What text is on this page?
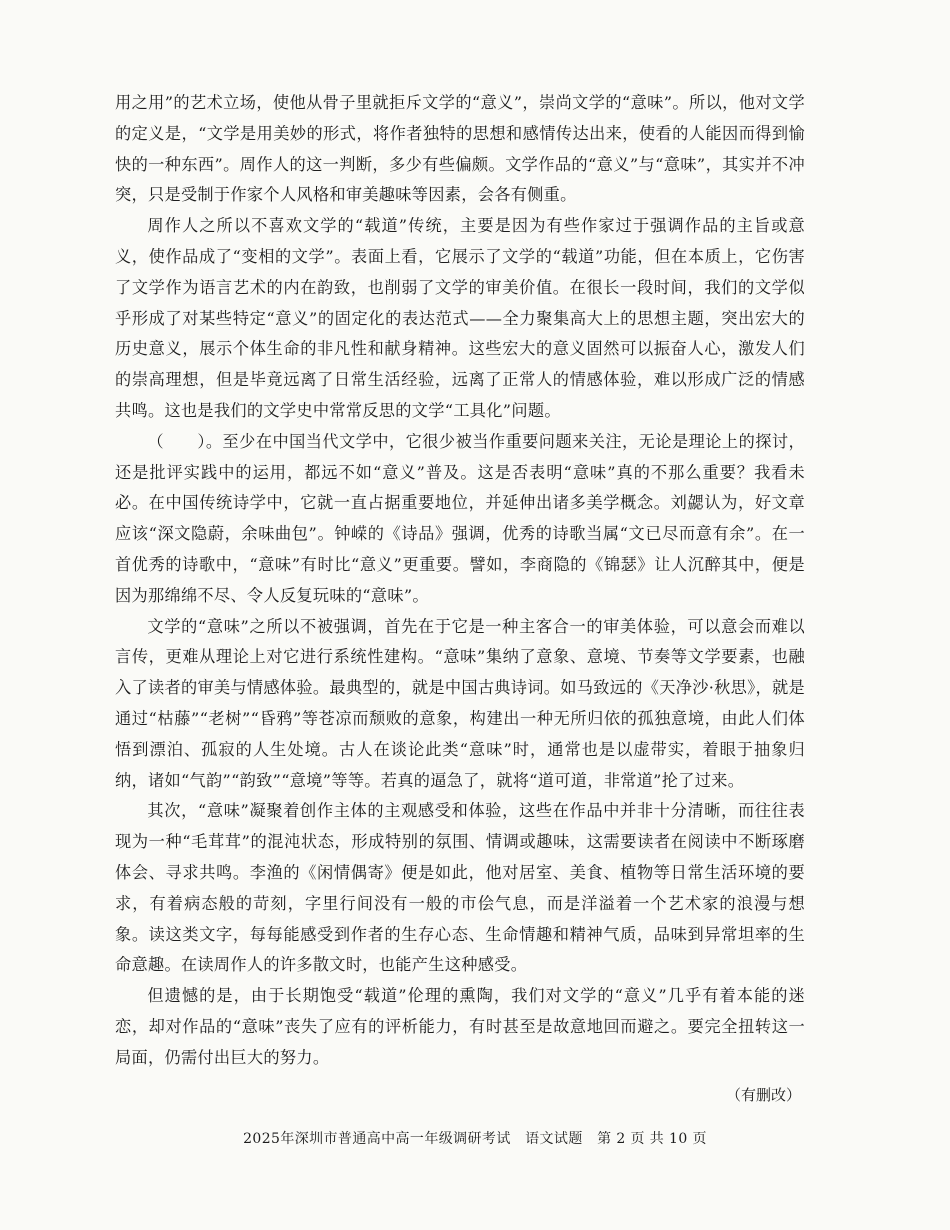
用之用”的艺术立场，使他从骨子里就拒斥文学的“意义”，崇尚文学的“意味”。所以，他对文学的定义是，“文学是用美妙的形式，将作者独特的思想和感情传达出来，使看的人能因而得到愉快的一种东西”。周作人的这一判断，多少有些偏颇。文学作品的“意义”与“意味”，其实并不冲突，只是受制于作家个人风格和审美趣味等因素，会各有侧重。

周作人之所以不喜欢文学的“载道”传统，主要是因为有些作家过于强调作品的主旨或意义，使作品成了“变相的文学”。表面上看，它展示了文学的“载道”功能，但在本质上，它伤害了文学作为语言艺术的内在韵致，也削弱了文学的审美价值。在很长一段时间，我们的文学似乎形成了对某些特定“意义”的固定化的表达范式——全力聚集高大上的思想主题，突出宏大的历史意义，展示个体生命的非凡性和献身精神。这些宏大的意义固然可以振奋人心，激发人们的崇高理想，但是毕竟远离了日常生活经验，远离了正常人的情感体验，难以形成广泛的情感共鸣。这也是我们的文学史中常常反思的文学“工具化”问题。

（　　）。至少在中国当代文学中，它很少被当作重要问题来关注，无论是理论上的探讨，还是批评实践中的运用，都远不如“意义”普及。这是否表明“意味”真的不那么重要？我看未必。在中国传统诗学中，它就一直占据重要地位，并延伸出诸多美学概念。刘勰认为，好文章应该“深文隐蔚，余味曲包”。钟嵘的《诗品》强调，优秀的诗歌当属“文已尽而意有余”。在一首优秀的诗歌中，“意味”有时比“意义”更重要。譬如，李商隐的《锦瑟》让人沉醉其中，便是因为那绵绵不尽、令人反复玩味的“意味”。

文学的“意味”之所以不被强调，首先在于它是一种主客合一的审美体验，可以意会而难以言传，更难从理论上对它进行系统性建构。“意味”集纳了意象、意境、节奏等文学要素，也融入了读者的审美与情感体验。最典型的，就是中国古典诗词。如马致远的《天净沙·秋思》，就是通过“枯藤”“老树”“昏鸦”等苍凉而颓败的意象，构建出一种无所归依的孤独意境，由此人们体悟到漂泊、孤寂的人生处境。古人在谈论此类“意味”时，通常也是以虚带实，着眼于抽象归纳，诸如“气韵”“韵致”“意境”等等。若真的逼急了，就将“道可道，非常道”抡了过来。

其次，“意味”凝聚着创作主体的主观感受和体验，这些在作品中并非十分清晰，而往往表现为一种“毛茸茸”的混沌状态，形成特别的氛围、情调或趣味，这需要读者在阅读中不断琢磨体会、寻求共鸣。李渔的《闲情偶寄》便是如此，他对居室、美食、植物等日常生活环境的要求，有着病态般的苛刻，字里行间没有一般的市侩气息，而是洋溢着一个艺术家的浪漫与想象。读这类文字，每每能感受到作者的生存心态、生命情趣和精神气质，品味到异常坦率的生命意趣。在读周作人的许多散文时，也能产生这种感受。

但遗憾的是，由于长期饱受“载道”伦理的熏陶，我们对文学的“意义”几乎有着本能的迷恋，却对作品的“意味”丧失了应有的评析能力，有时甚至是故意地回而避之。要完全扭转这一局面，仍需付出巨大的努力。

（有删改）
2025年深圳市普通高中高一年级调研考试　语文试题　第 2 页 共 10 页
